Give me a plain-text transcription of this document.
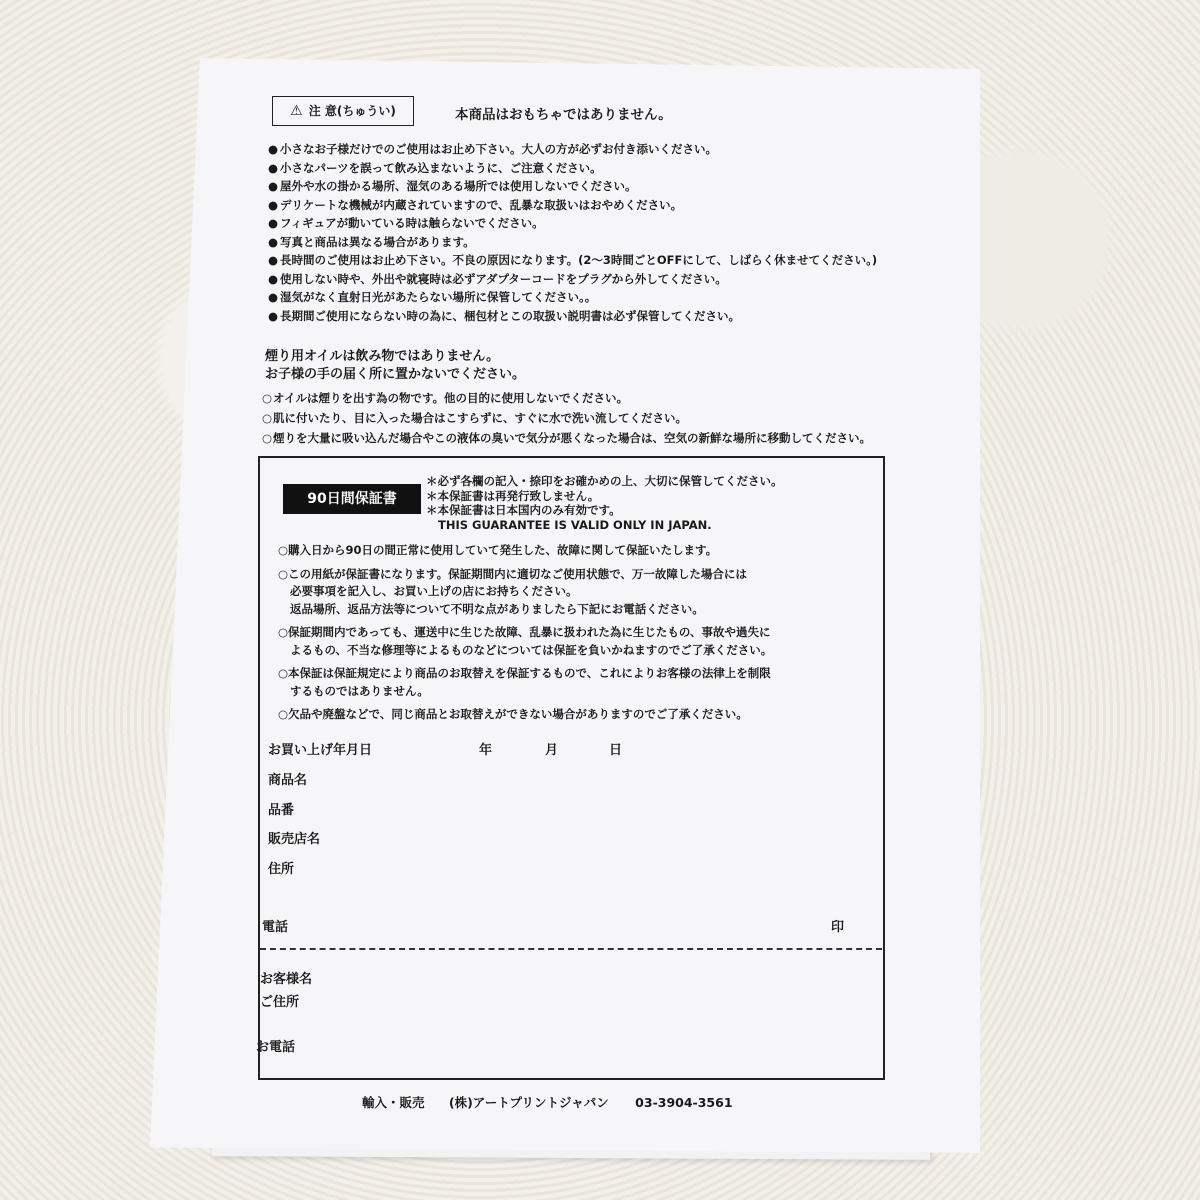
⚠ 注 意(ちゅうい)	本商品はおもちゃではありません。
● 小さなお子様だけでのご使用はお止め下さい。大人の方が必ずお付き添いください。
● 小さなパーツを誤って飲み込まないように、ご注意ください。
● 屋外や水の掛かる場所、湿気のある場所では使用しないでください。
● デリケートな機械が内蔵されていますので、乱暴な取扱いはおやめください。
● フィギュアが動いている時は触らないでください。
● 写真と商品は異なる場合があります。
● 長時間のご使用はお止め下さい。不良の原因になります。(2～3時間ごとOFFにして、しばらく休ませてください。)
● 使用しない時や、外出や就寝時は必ずアダプターコードをプラグから外してください。
● 湿気がなく直射日光があたらない場所に保管してください。。
● 長期間ご使用にならない時の為に、梱包材とこの取扱い説明書は必ず保管してください。
煙り用オイルは飲み物ではありません。
お子様の手の届く所に置かないでください。
○ オイルは煙りを出す為の物です。他の目的に使用しないでください。
○ 肌に付いたり、目に入った場合はこすらずに、すぐに水で洗い流してください。
○ 煙りを大量に吸い込んだ場合やこの液体の臭いで気分が悪くなった場合は、空気の新鮮な場所に移動してください。
90日間保証書
＊必ず各欄の記入・捺印をお確かめの上、大切に保管してください。
＊本保証書は再発行致しません。
＊本保証書は日本国内のみ有効です。
THIS GUARANTEE IS VALID ONLY IN JAPAN.
○ 購入日から90日の間正常に使用していて発生した、故障に関して保証いたします。
○ この用紙が保証書になります。保証期間内に適切なご使用状態で、万一故障した場合には
必要事項を記入し、お買い上げの店にお持ちください。
返品場所、返品方法等について不明な点がありましたら下記にお電話ください。
○ 保証期間内であっても、運送中に生じた故障、乱暴に扱われた為に生じたもの、事故や過失に
よるもの、不当な修理等によるものなどについては保証を負いかねますのでご了承ください。
○ 本保証は保証規定により商品のお取替えを保証するもので、これによりお客様の法律上を制限
するものではありません。
○ 欠品や廃盤などで、同じ商品とお取替えができない場合がありますのでご了承ください。
お買い上げ年月日	年	月	日
商品名
品番
販売店名
住所
電話	印
お客様名
ご住所
お電話
輸入・販売 (株)アートプリントジャパン 03-3904-3561
